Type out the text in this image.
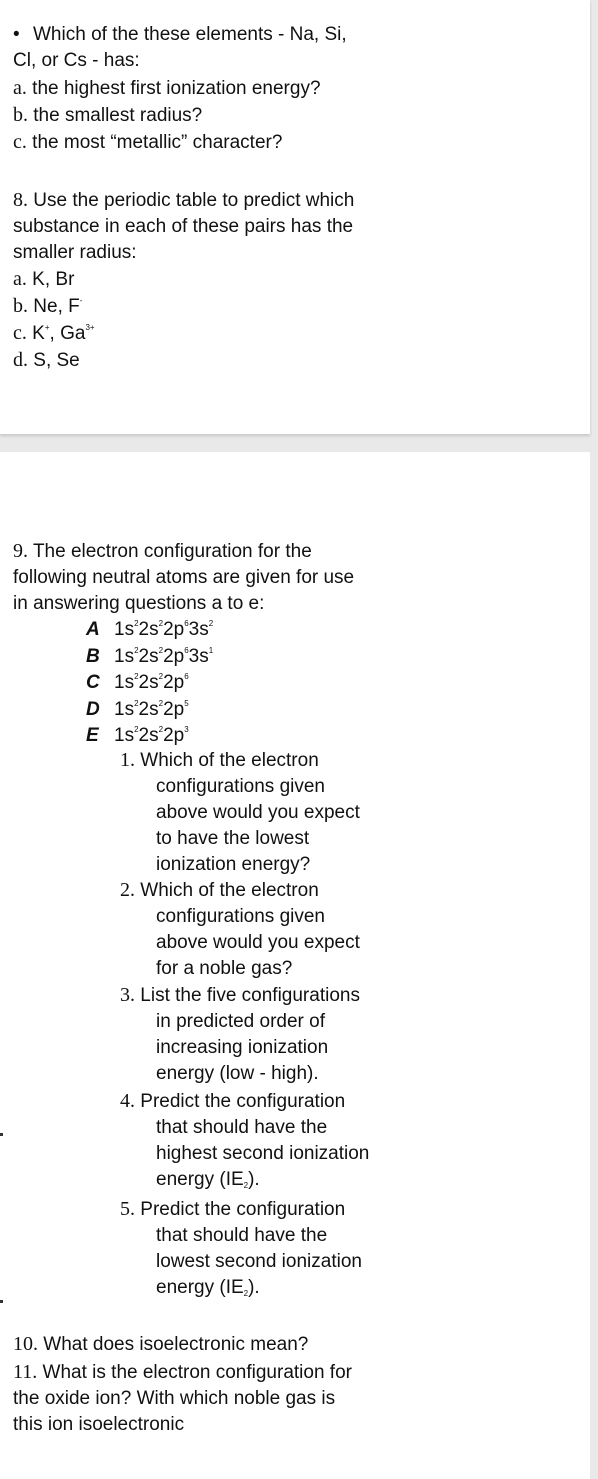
• Which of the these elements - Na, Si,
Cl, or Cs - has:
a. the highest first ionization energy?
b. the smallest radius?
c. the most “metallic” character?
8. Use the periodic table to predict which
substance in each of these pairs has the
smaller radius:
a. K, Br
b. Ne, F-
c. K+, $Ga^{3+}$
d. S, Se
9. The electron configuration for the
following neutral atoms are given for use
in answering questions a to e:
A $1s^22s^22p^63s^2$
B $1s^22s^22p^63s^1$
C $1s^22s^22p^6$
D $1s^22s^22p^5$
E $1s^22s^22p^3$
1. Which of the electron
configurations given
above would you expect
to have the lowest
ionization energy?
2. Which of the electron
configurations given
above would you expect
for a noble gas?
3. List the five configurations
in predicted order of
increasing ionization
energy (low - high).
4. Predict the configuration
that should have the
highest second ionization
energy $(IE_2)$.
5. Predict the configuration
that should have the
lowest second ionization
energy $(IE_2)$.
10. What does isoelectronic mean?
11. What is the electron configuration for
the oxide ion? With which noble gas is
this ion isoelectronic
